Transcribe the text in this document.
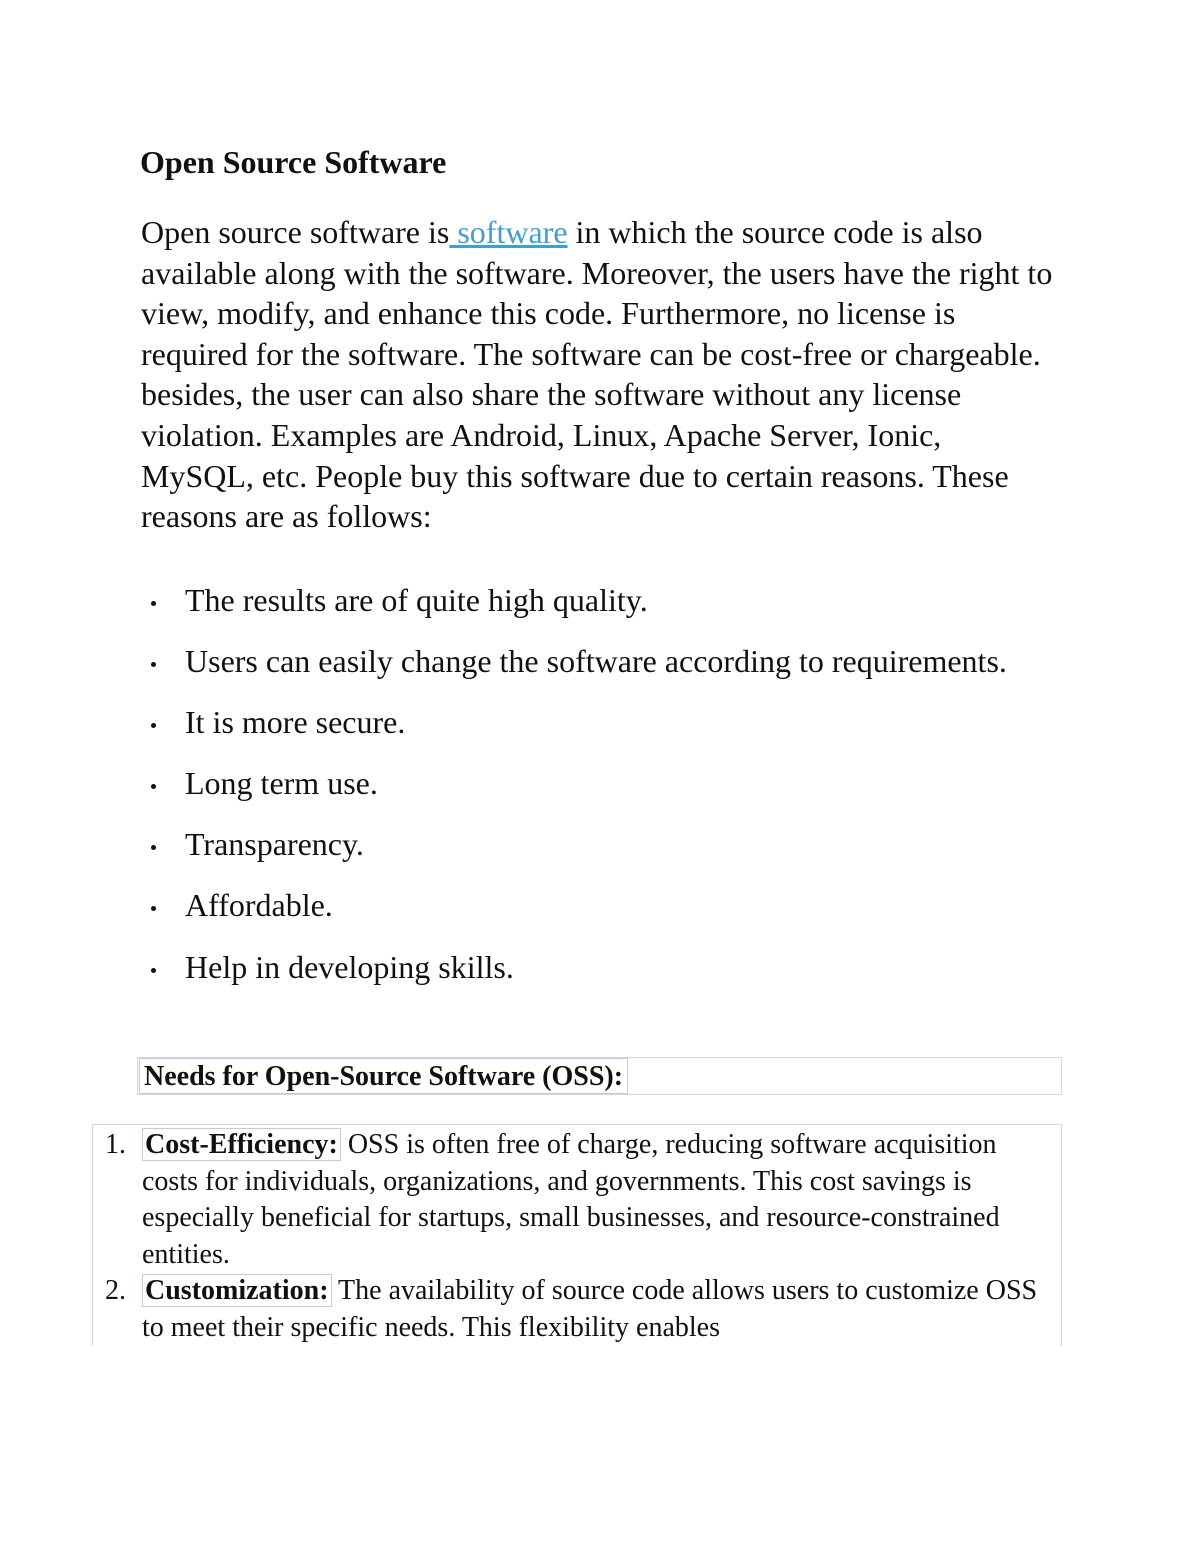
Open Source Software

Open source software is software in which the source code is also available along with the software. Moreover, the users have the right to view, modify, and enhance this code. Furthermore, no license is required for the software. The software can be cost-free or chargeable. besides, the user can also share the software without any license violation. Examples are Android, Linux, Apache Server, Ionic, MySQL, etc. People buy this software due to certain reasons. These reasons are as follows:

The results are of quite high quality.
Users can easily change the software according to requirements.
It is more secure.
Long term use.
Transparency.
Affordable.
Help in developing skills.
Needs for Open-Source Software (OSS):
1. Cost-Efficiency: OSS is often free of charge, reducing software acquisition costs for individuals, organizations, and governments. This cost savings is especially beneficial for startups, small businesses, and resource-constrained entities.
2. Customization: The availability of source code allows users to customize OSS to meet their specific needs. This flexibility enables
